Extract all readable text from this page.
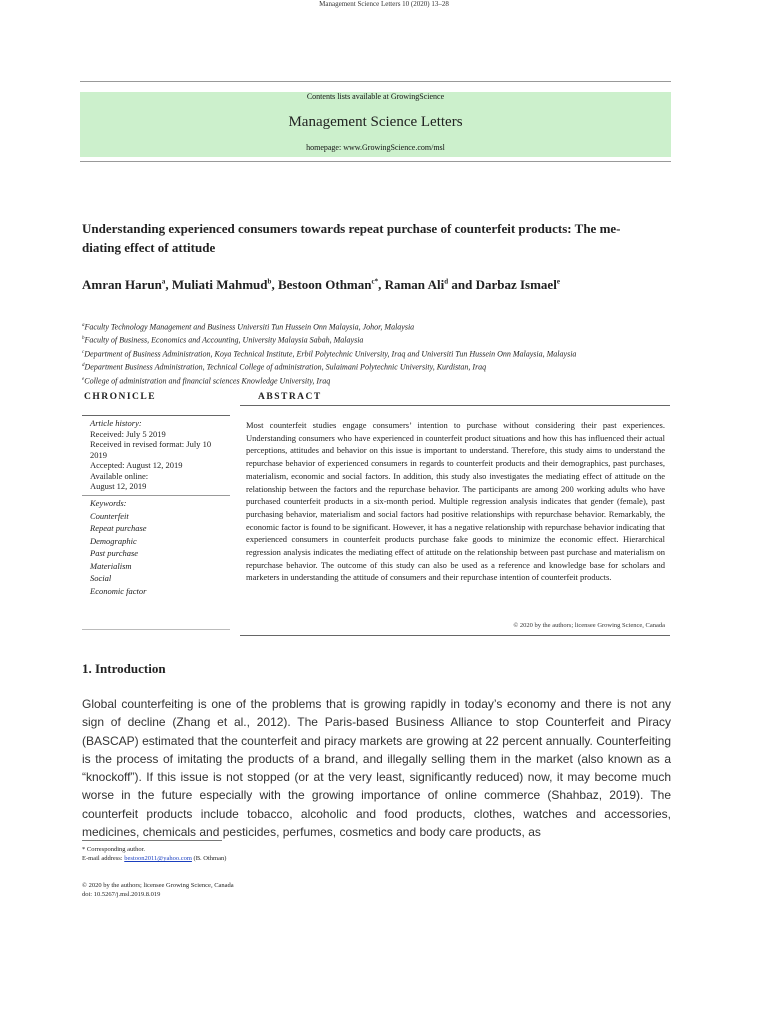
Management Science Letters 10 (2020) 13–28
Contents lists available at GrowingScience
Management Science Letters
homepage: www.GrowingScience.com/msl
Understanding experienced consumers towards repeat purchase of counterfeit products: The me-
diating effect of attitude
Amran Harun$^a$, Muliati Mahmud$^b$, Bestoon Othman$^{c*}$, Raman Ali$^d$ and Darbaz Ismael$^e$
$^a$Faculty Technology Management and Business Universiti Tun Hussein Onn Malaysia, Johor, Malaysia
$^b$Faculty of Business, Economics and Accounting, University Malaysia Sabah, Malaysia
$^c$Department of Business Administration, Koya Technical Institute, Erbil Polytechnic University, Iraq and Universiti Tun Hussein Onn Malaysia, Malaysia
$^d$Department Business Administration, Technical College of administration, Sulaimani Polytechnic University, Kurdistan, Iraq
$^e$College of administration and financial sciences Knowledge University, Iraq
CHRONICLE	ABSTRACT
Article history:
Received: July 5 2019
Received in revised format: July 10 2019
Accepted: August 12, 2019
Available online:
August 12, 2019
Keywords:
Counterfeit
Repeat purchase
Demographic
Past purchase
Materialism
Social
Economic factor
Most counterfeit studies engage consumers’ intention to purchase without considering their past experiences. Understanding consumers who have experienced in counterfeit product situations and how this has influenced their actual perceptions, attitudes and behavior on this issue is important to understand. Therefore, this study aims to understand the repurchase behavior of experienced consumers in regards to counterfeit products and their demographics, past purchases, materialism, economic and social factors. In addition, this study also investigates the mediating effect of attitude on the relationship between the factors and the repurchase behavior. The participants are among 200 working adults who have purchased counterfeit products in a six-month period. Multiple regression analysis indicates that gender (female), past purchasing behavior, materialism and social factors had positive relationships with repurchase behavior. Remarkably, the economic factor is found to be significant. However, it has a negative relationship with repurchase behavior indicating that experienced consumers in counterfeit products purchase fake goods to minimize the economic effect. Hierarchical regression analysis indicates the mediating effect of attitude on the relationship between past purchase and materialism on repurchase behavior. The outcome of this study can also be used as a reference and knowledge base for scholars and marketers in understanding the attitude of consumers and their repurchase intention of counterfeit products.
© 2020 by the authors; licensee Growing Science, Canada
1. Introduction
Global counterfeiting is one of the problems that is growing rapidly in today’s economy and there is not any sign of decline (Zhang et al., 2012). The Paris-based Business Alliance to stop Counterfeit and Piracy (BASCAP) estimated that the counterfeit and piracy markets are growing at 22 percent annually. Counterfeiting is the process of imitating the products of a brand, and illegally selling them in the market (also known as a “knockoff”). If this issue is not stopped (or at the very least, significantly reduced) now, it may become much worse in the future especially with the growing importance of online commerce (Shahbaz, 2019). The counterfeit products include tobacco, alcoholic and food products, clothes, watches and accessories, medicines, chemicals and pesticides, perfumes, cosmetics and body care products, as
* Corresponding author.
E-mail address: bestoon2011@yahoo.com (B. Othman)
© 2020 by the authors; licensee Growing Science, Canada
doi: 10.5267/j.msl.2019.8.019
